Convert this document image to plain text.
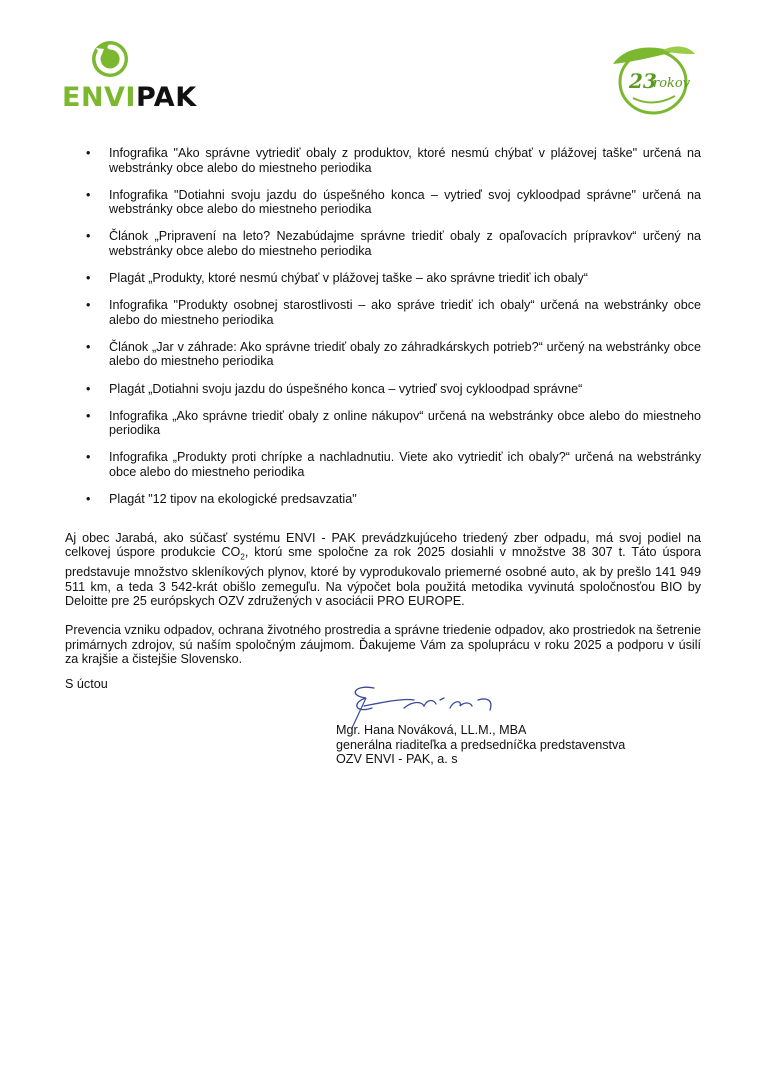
ENVIPAK
23
rokov
• Infografika "Ako správne vytriediť obaly z produktov, ktoré nesmú chýbať v plážovej taške" určená na webstránky obce alebo do miestneho periodika
• Infografika "Dotiahni svoju jazdu do úspešného konca – vytrieď svoj cykloodpad správne" určená na webstránky obce alebo do miestneho periodika
• Článok „Pripravení na leto? Nezabúdajme správne triediť obaly z opaľovacích prípravkov“ určený na webstránky obce alebo do miestneho periodika
• Plagát „Produkty, ktoré nesmú chýbať v plážovej taške – ako správne triediť ich obaly“
• Infografika "Produkty osobnej starostlivosti – ako správe triediť ich obaly“ určená na webstránky obce alebo do miestneho periodika
• Článok „Jar v záhrade: Ako správne triediť obaly zo záhradkárskych potrieb?“ určený na webstránky obce alebo do miestneho periodika
• Plagát „Dotiahni svoju jazdu do úspešného konca – vytrieď svoj cykloodpad správne“
• Infografika „Ako správne triediť obaly z online nákupov“ určená na webstránky obce alebo do miestneho periodika
• Infografika „Produkty proti chrípke a nachladnutiu. Viete ako vytriediť ich obaly?“ určená na webstránky obce alebo do miestneho periodika
• Plagát "12 tipov na ekologické predsavzatia"

Aj obec Jarabá, ako súčasť systému ENVI - PAK prevádzkujúceho triedený zber odpadu, má svoj podiel na celkovej úspore produkcie $CO_2$, ktorú sme spoločne za rok 2025 dosiahli v množstve 38 307 t. Táto úspora predstavuje množstvo skleníkových plynov, ktoré by vyprodukovalo priemerné osobné auto, ak by prešlo 141 949 511 km, a teda 3 542-krát obišlo zemeguľu. Na výpočet bola použitá metodika vyvinutá spoločnosťou BIO by Deloitte pre 25 európskych OZV združených v asociácii PRO EUROPE.

Prevencia vzniku odpadov, ochrana životného prostredia a správne triedenie odpadov, ako prostriedok na šetrenie primárnych zdrojov, sú naším spoločným záujmom. Ďakujeme Vám za spoluprácu v roku 2025 a podporu v úsilí za krajšie a čistejšie Slovensko.

S úctou
Mgr. Hana Nováková, LL.M., MBA
generálna riaditeľka a predsedníčka predstavenstva
OZV ENVI - PAK, a. s
